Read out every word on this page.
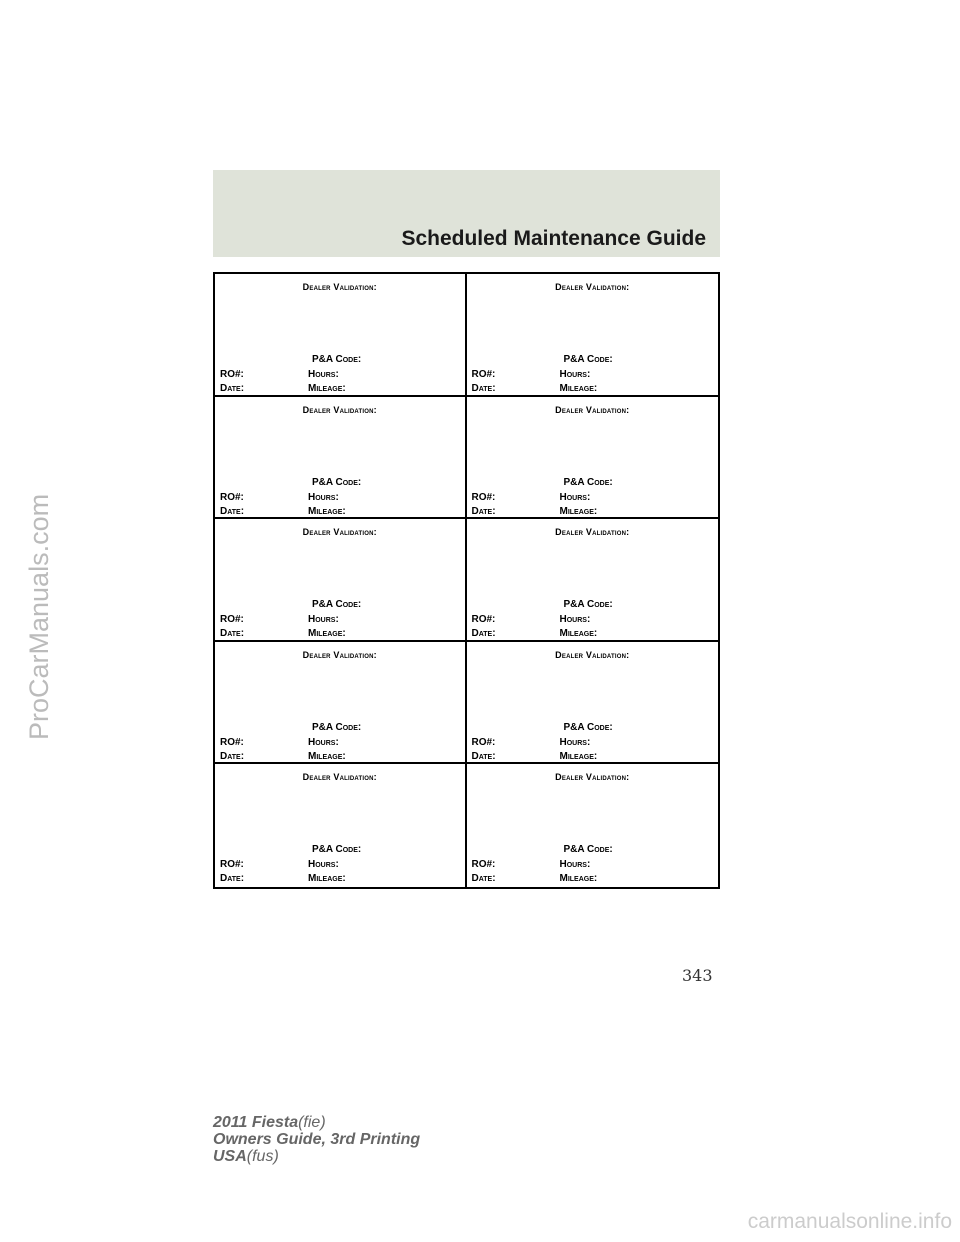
Scheduled Maintenance Guide
Dealer Validation:
P&A Code:
RO#:	Hours:
Date:	Mileage:
Dealer Validation:
P&A Code:
RO#:	Hours:
Date:	Mileage:
Dealer Validation:
P&A Code:
RO#:	Hours:
Date:	Mileage:
Dealer Validation:
P&A Code:
RO#:	Hours:
Date:	Mileage:
Dealer Validation:
P&A Code:
RO#:	Hours:
Date:	Mileage:
Dealer Validation:
P&A Code:
RO#:	Hours:
Date:	Mileage:
Dealer Validation:
P&A Code:
RO#:	Hours:
Date:	Mileage:
Dealer Validation:
P&A Code:
RO#:	Hours:
Date:	Mileage:
Dealer Validation:
P&A Code:
RO#:	Hours:
Date:	Mileage:
Dealer Validation:
P&A Code:
RO#:	Hours:
Date:	Mileage:
343
2011 Fiesta(fie)
Owners Guide, 3rd Printing
USA(fus)
ProCarManuals.com
carmanualsonline.info
